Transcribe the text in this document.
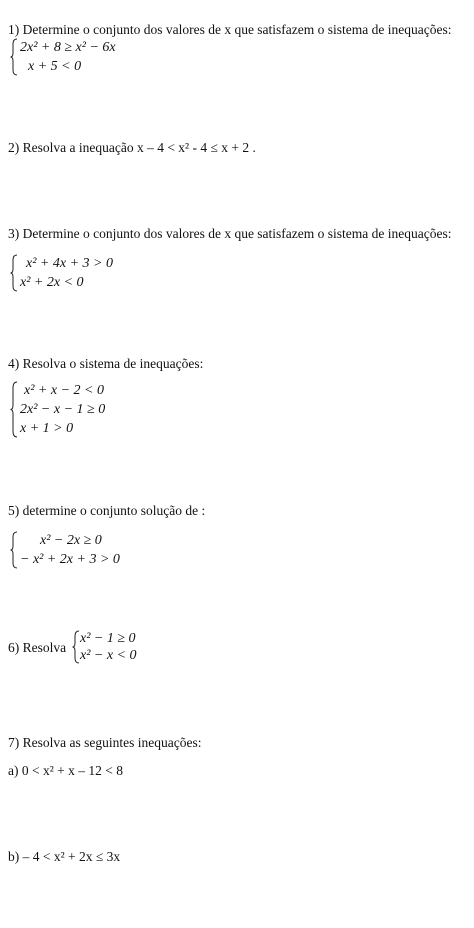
1) Determine o conjunto dos valores de x que satisfazem o sistema de inequações:
2x² + 8 ≥ x² − 6x
x + 5 < 0
2) Resolva a inequação x – 4 < x² - 4 ≤ x + 2 .
3) Determine o conjunto dos valores de x que satisfazem o sistema de inequações:
x² + 4x + 3 > 0
x² + 2x < 0
4) Resolva o sistema de inequações:
x² + x − 2 < 0
2x² − x − 1 ≥ 0
x + 1 > 0
5) determine o conjunto solução de :
x² − 2x ≥ 0
− x² + 2x + 3 > 0
6) Resolva
x² − 1 ≥ 0
x² − x < 0
7) Resolva as seguintes inequações:
a) 0 < x² + x – 12 < 8
b) – 4 < x² + 2x ≤ 3x
